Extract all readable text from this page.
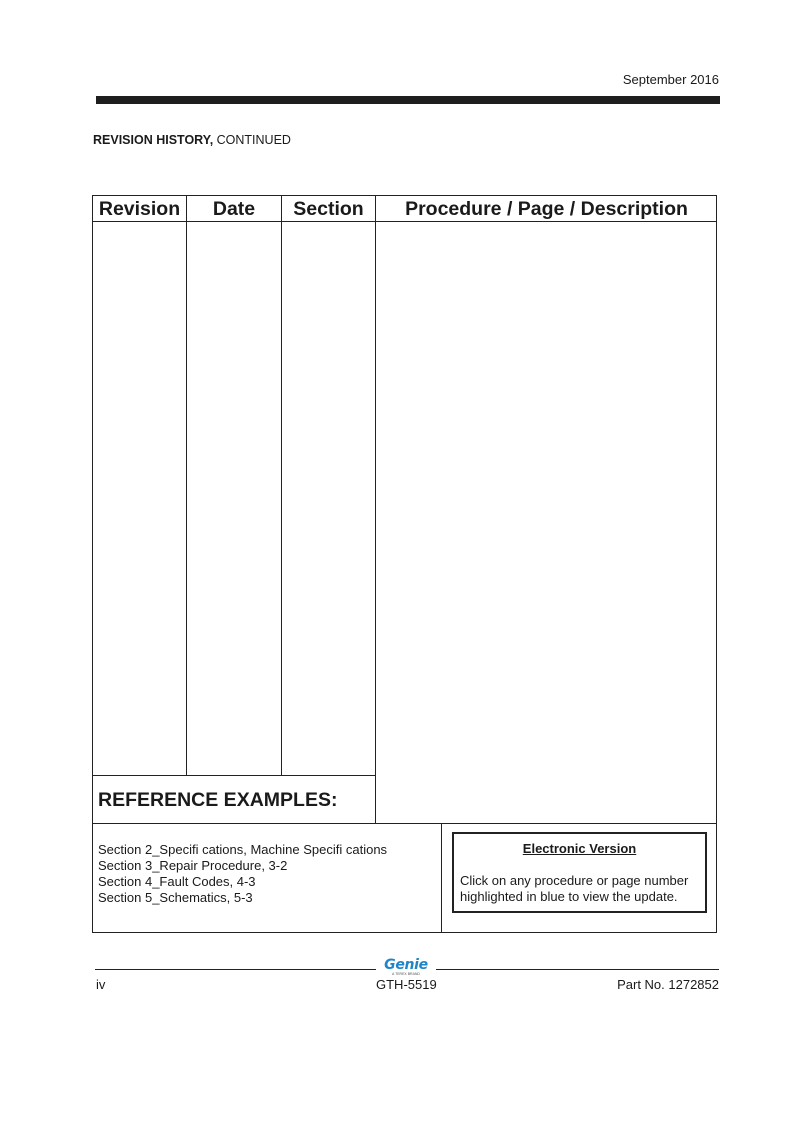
September 2016
REVISION HISTORY, CONTINUED
Revision	Date	Section	Procedure / Page / Description
REFERENCE EXAMPLES:
Section 2_Specifi cations, Machine Specifi cations
Section 3_Repair Procedure, 3-2
Section 4_Fault Codes, 4-3
Section 5_Schematics, 5-3
Electronic Version
Click on any procedure or page number
highlighted in blue to view the update.
Genie
A TEREX BRAND
iv	GTH-5519	Part No. 1272852
